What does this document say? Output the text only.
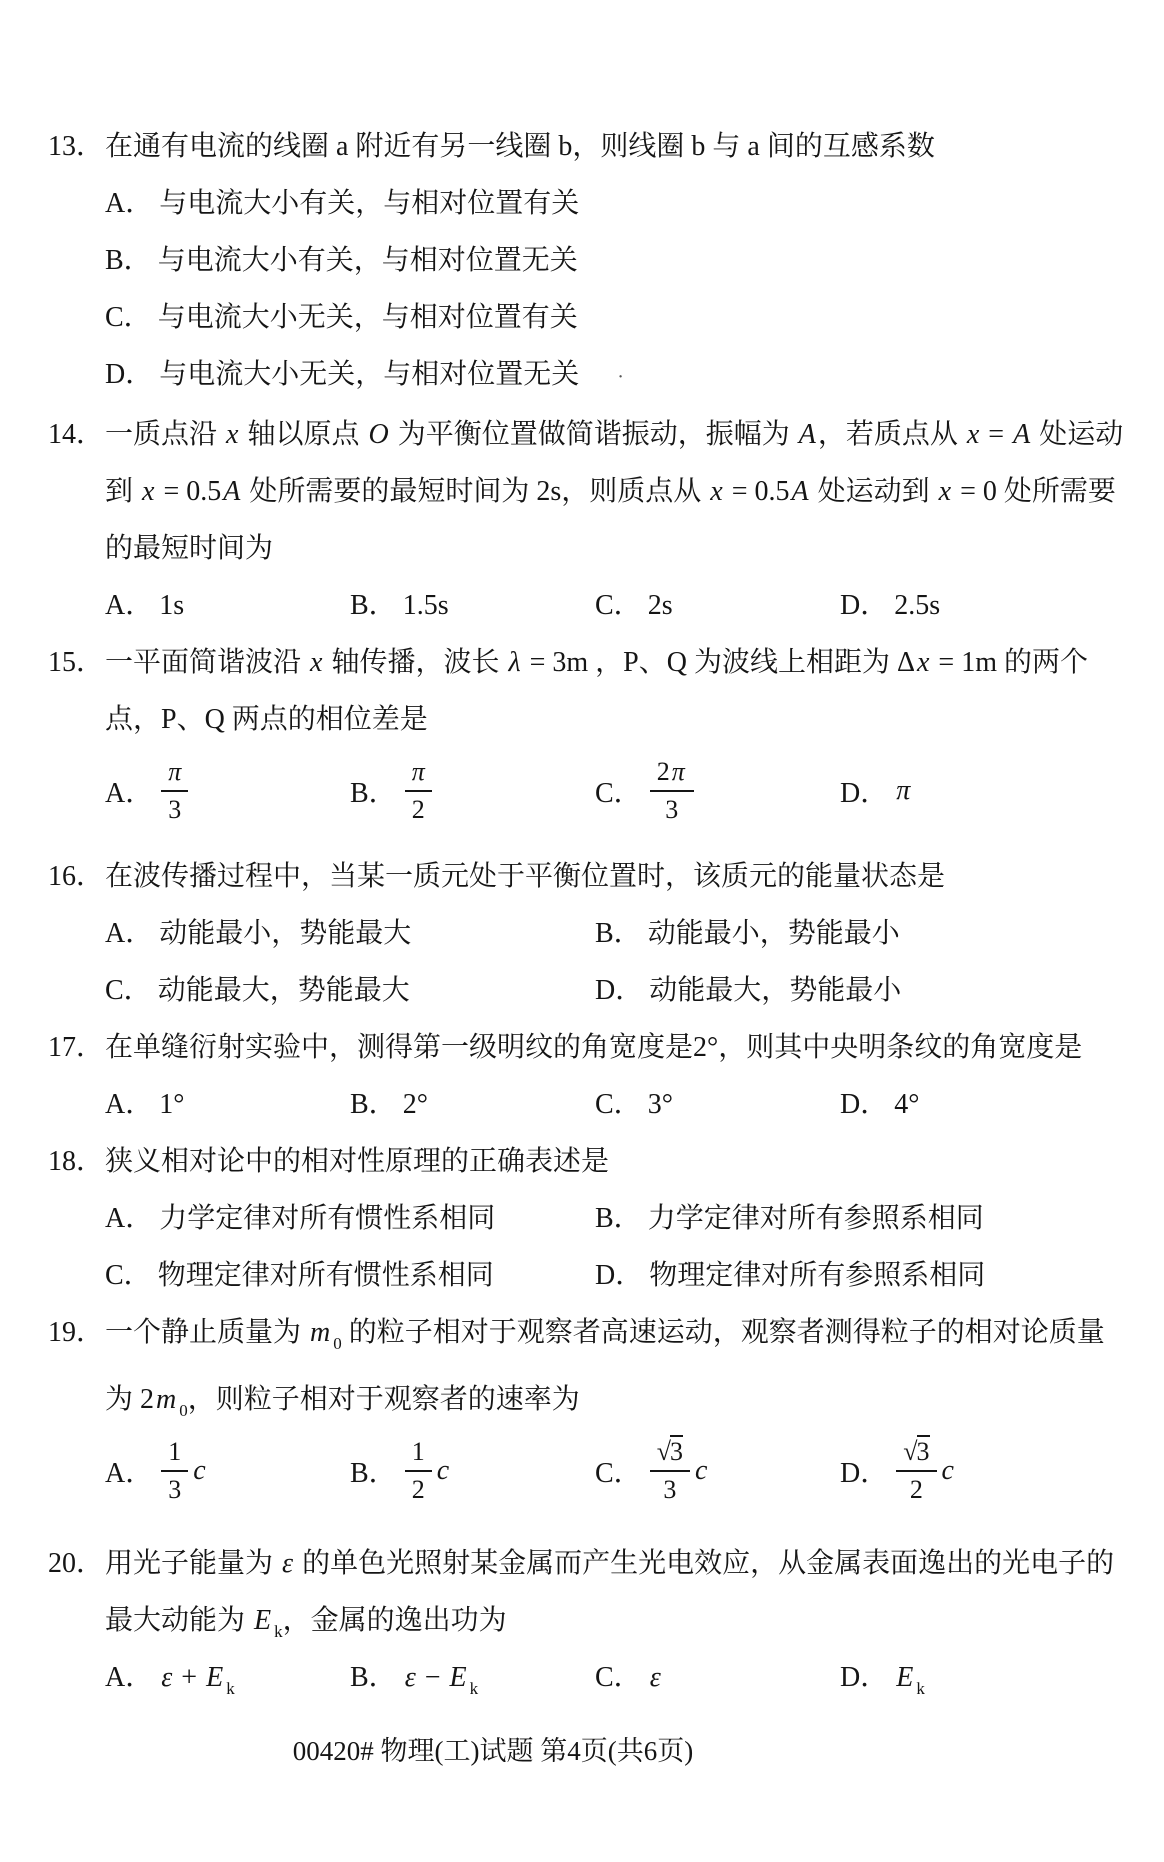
13． 在通有电流的线圈 a 附近有另一线圈 b，则线圈 b 与 a 间的互感系数
A． 与电流大小有关，与相对位置有关
B． 与电流大小有关，与相对位置无关
C． 与电流大小无关，与相对位置有关
D． 与电流大小无关，与相对位置无关 ·
14． 一质点沿 x 轴以原点 O 为平衡位置做简谐振动，振幅为 A，若质点从 x = A 处运动
到 x = 0.5A 处所需要的最短时间为 2s，则质点从 x = 0.5A 处运动到 x = 0 处所需要
的最短时间为
A． 1s	B． 1.5s	C． 2s	D． 2.5s
15． 一平面简谐波沿 x 轴传播，波长 λ = 3m ，P、Q 为波线上相距为 Δx = 1m 的两个
点，P、Q 两点的相位差是
A． $\frac{\pi}{3}$	B． $\frac{\pi}{2}$	C． $\frac{2\pi}{3}$	D． π
16． 在波传播过程中，当某一质元处于平衡位置时，该质元的能量状态是
A． 动能最小，势能最大	B． 动能最小，势能最小
C． 动能最大，势能最大	D． 动能最大，势能最小
17． 在单缝衍射实验中，测得第一级明纹的角宽度是2°，则其中央明条纹的角宽度是
A． 1°	B． 2°	C． 3°	D． 4°
18． 狭义相对论中的相对性原理的正确表述是
A． 力学定律对所有惯性系相同	B． 力学定律对所有参照系相同
C． 物理定律对所有惯性系相同	D． 物理定律对所有参照系相同
19． 一个静止质量为 m $_0$ 的粒子相对于观察者高速运动，观察者测得粒子的相对论质量
为 2m $_0$，则粒子相对于观察者的速率为
A． $\frac{1}{3}$ c	B． $\frac{1}{2}$ c	C． $\frac{√3}{3}$ c	D． $\frac{√3}{2}$ c
20． 用光子能量为 ε 的单色光照射某金属而产生光电效应，从金属表面逸出的光电子的
最大动能为 E $_k$，金属的逸出功为
A． ε + E $_k$	B． ε − E $_k$	C． ε	D． E $_k$
00420# 物理(工)试题 第4页(共6页)
